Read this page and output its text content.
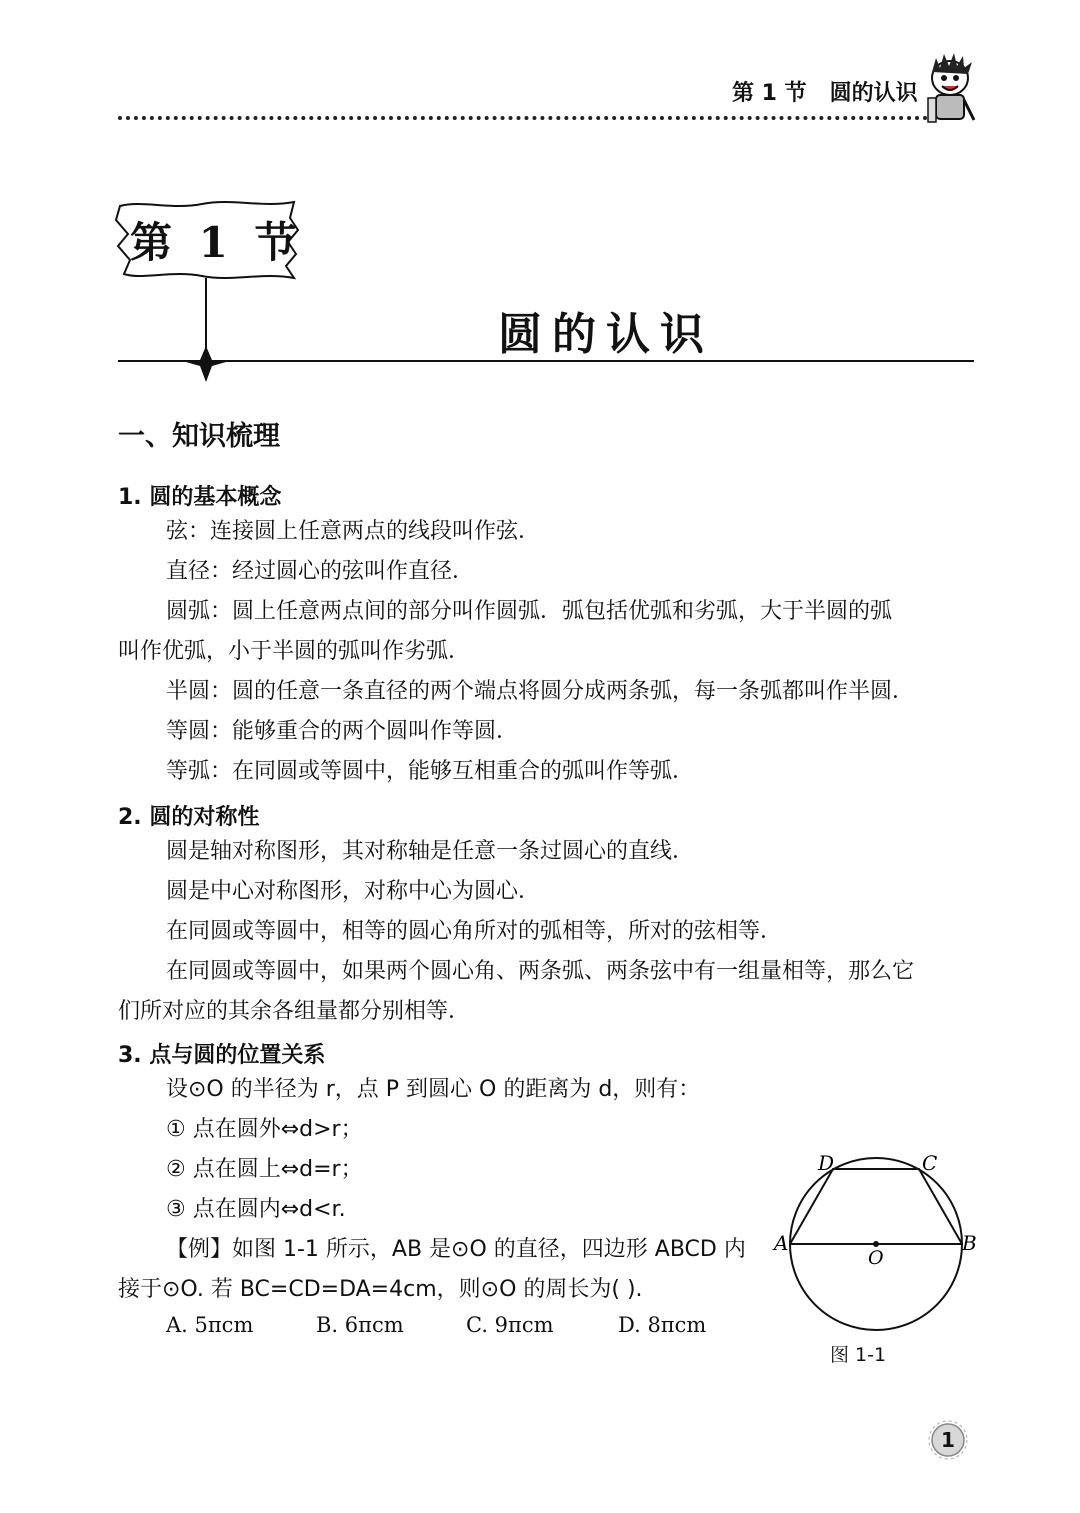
第 1 节   圆的认识
第 1 节
圆的认识
一、知识梳理
1. 圆的基本概念
弦：连接圆上任意两点的线段叫作弦．
直径：经过圆心的弦叫作直径．
圆弧：圆上任意两点间的部分叫作圆弧．弧包括优弧和劣弧，大于半圆的弧
叫作优弧，小于半圆的弧叫作劣弧．
半圆：圆的任意一条直径的两个端点将圆分成两条弧，每一条弧都叫作半圆．
等圆：能够重合的两个圆叫作等圆．
等弧：在同圆或等圆中，能够互相重合的弧叫作等弧．
2. 圆的对称性
圆是轴对称图形，其对称轴是任意一条过圆心的直线．
圆是中心对称图形，对称中心为圆心．
在同圆或等圆中，相等的圆心角所对的弧相等，所对的弦相等．
在同圆或等圆中，如果两个圆心角、两条弧、两条弦中有一组量相等，那么它
们所对应的其余各组量都分别相等．
3. 点与圆的位置关系
设⊙O 的半径为 r，点 P 到圆心 O 的距离为 d，则有：
① 点在圆外⇔d>r；
② 点在圆上⇔d=r；
③ 点在圆内⇔d<r.
【例】如图 1-1 所示，AB 是⊙O 的直径，四边形 ABCD 内
接于⊙O. 若 BC=CD=DA=4cm，则⊙O 的周长为( ).
A. 5πcm	B. 6πcm	C. 9πcm	D. 8πcm
A	B
C
D
O
图 1-1
1
